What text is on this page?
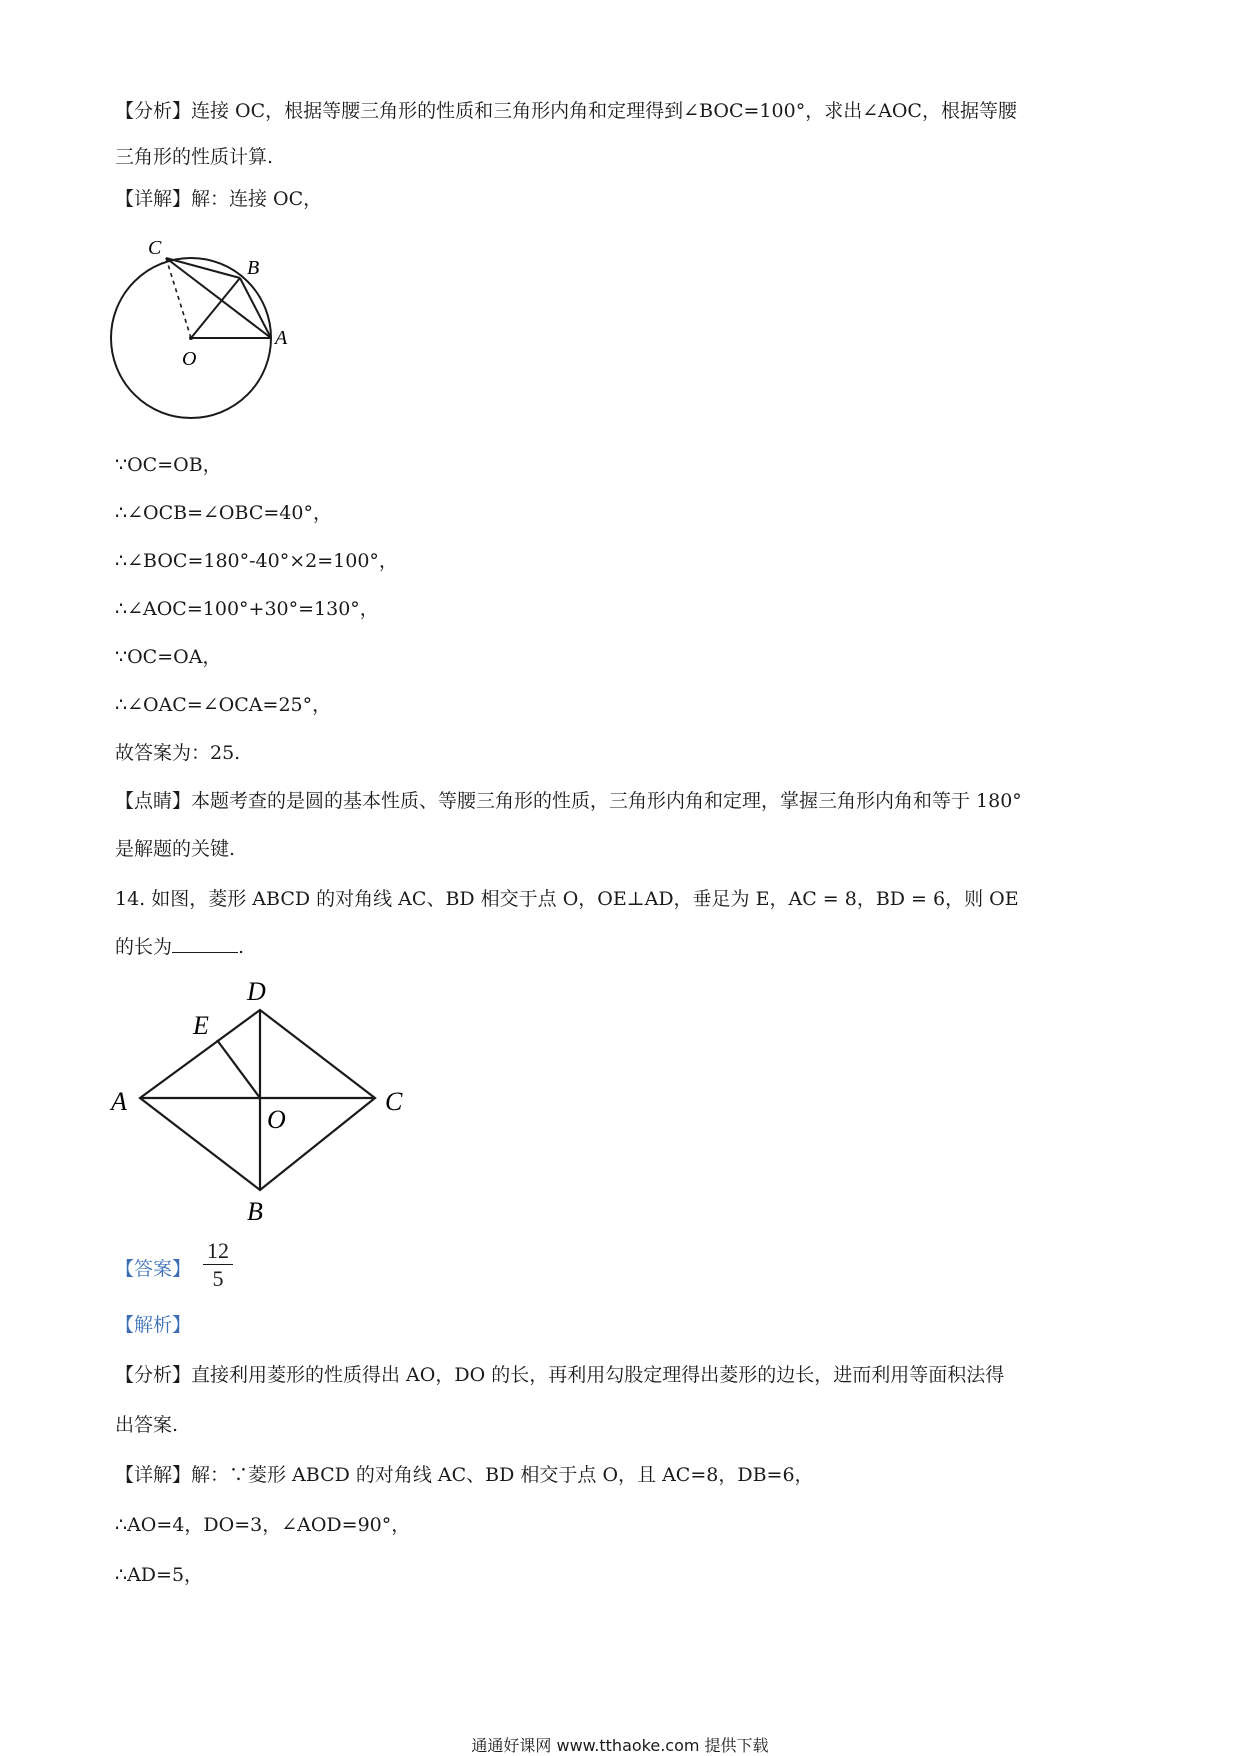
【分析】连接 OC，根据等腰三角形的性质和三角形内角和定理得到∠BOC=100°，求出∠AOC，根据等腰
三角形的性质计算.
【详解】解：连接 OC，
C
B
A
O
∵OC=OB，
∴∠OCB=∠OBC=40°，
∴∠BOC=180°-40°×2=100°，
∴∠AOC=100°+30°=130°，
∵OC=OA，
∴∠OAC=∠OCA=25°，
故答案为：25.
【点睛】本题考查的是圆的基本性质、等腰三角形的性质，三角形内角和定理，掌握三角形内角和等于 180°
是解题的关键.
14. 如图，菱形 ABCD 的对角线 AC、BD 相交于点 O，OE⊥AD，垂足为 E，AC = 8，BD = 6，则 OE
的长为	.
D
E
A	C
O
B
【答案】 $\frac{12}{5}$
【解析】
【分析】直接利用菱形的性质得出 AO，DO 的长，再利用勾股定理得出菱形的边长，进而利用等面积法得
出答案.
【详解】解：∵菱形 ABCD 的对角线 AC、BD 相交于点 O，且 AC=8，DB=6，
∴AO=4，DO=3，∠AOD=90°，
∴AD=5，
通通好课网 www.tthaoke.com 提供下载
